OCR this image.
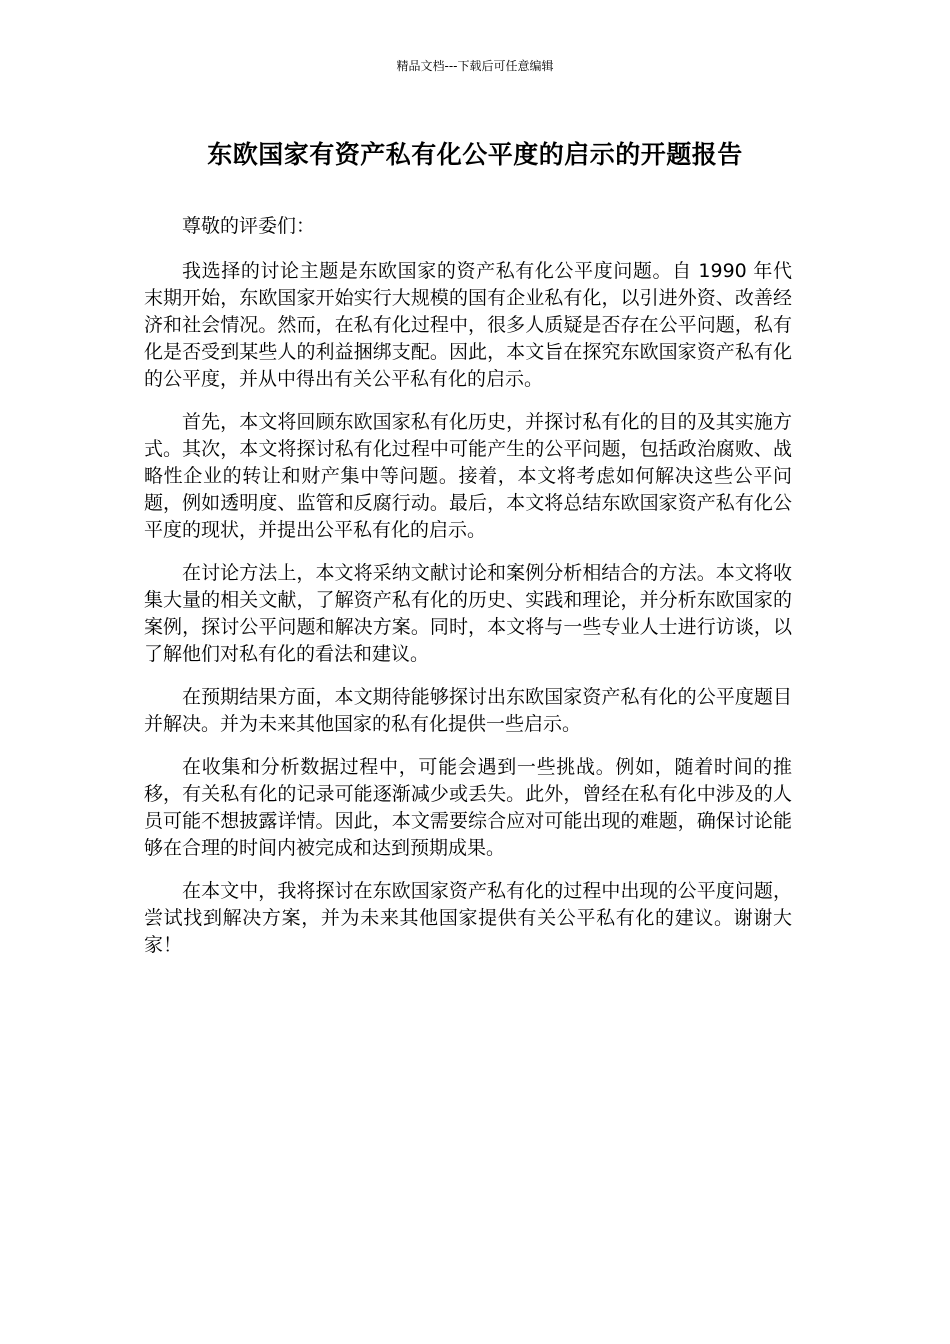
精品文档---下载后可任意编辑
东欧国家有资产私有化公平度的启示的开题报告

尊敬的评委们：

我选择的讨论主题是东欧国家的资产私有化公平度问题。自 1990 年代末期开始，东欧国家开始实行大规模的国有企业私有化，以引进外资、改善经济和社会情况。然而，在私有化过程中，很多人质疑是否存在公平问题，私有化是否受到某些人的利益捆绑支配。因此，本文旨在探究东欧国家资产私有化的公平度，并从中得出有关公平私有化的启示。

首先，本文将回顾东欧国家私有化历史，并探讨私有化的目的及其实施方式。其次，本文将探讨私有化过程中可能产生的公平问题，包括政治腐败、战略性企业的转让和财产集中等问题。接着，本文将考虑如何解决这些公平问题，例如透明度、监管和反腐行动。最后，本文将总结东欧国家资产私有化公平度的现状，并提出公平私有化的启示。

在讨论方法上，本文将采纳文献讨论和案例分析相结合的方法。本文将收集大量的相关文献，了解资产私有化的历史、实践和理论，并分析东欧国家的案例，探讨公平问题和解决方案。同时，本文将与一些专业人士进行访谈，以了解他们对私有化的看法和建议。

在预期结果方面，本文期待能够探讨出东欧国家资产私有化的公平度题目并解决。并为未来其他国家的私有化提供一些启示。

在收集和分析数据过程中，可能会遇到一些挑战。例如，随着时间的推移，有关私有化的记录可能逐渐减少或丢失。此外，曾经在私有化中涉及的人员可能不想披露详情。因此，本文需要综合应对可能出现的难题，确保讨论能够在合理的时间内被完成和达到预期成果。

在本文中，我将探讨在东欧国家资产私有化的过程中出现的公平度问题，尝试找到解决方案，并为未来其他国家提供有关公平私有化的建议。谢谢大家！
